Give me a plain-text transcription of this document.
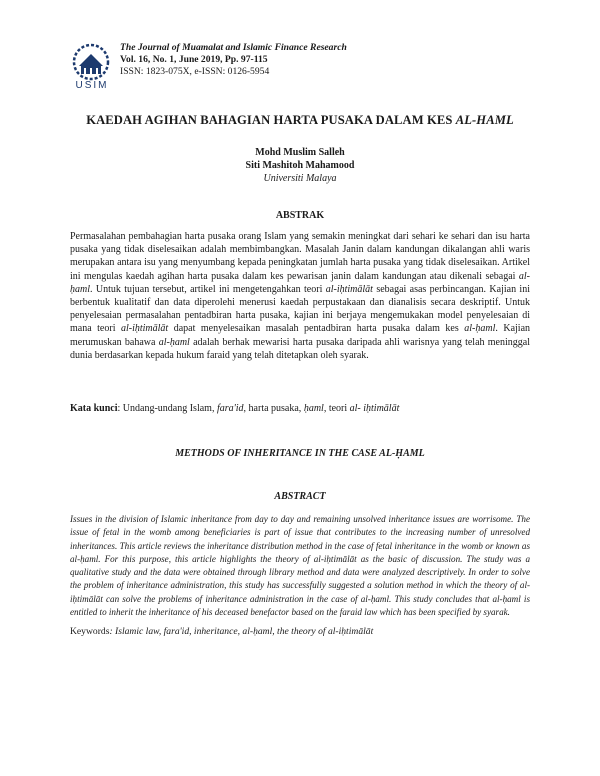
USIM
The Journal of Muamalat and Islamic Finance Research
Vol. 16, No. 1, June 2019, Pp. 97-115
ISSN: 1823-075X, e-ISSN: 0126-5954
KAEDAH AGIHAN BAHAGIAN HARTA PUSAKA DALAM KES AL-HAML
Mohd Muslim Salleh
Siti Mashitoh Mahamood
Universiti Malaya
ABSTRAK
Permasalahan pembahagian harta pusaka orang Islam yang semakin meningkat dari sehari ke sehari dan isu harta pusaka yang tidak diselesaikan adalah membimbangkan. Masalah Janin dalam kandungan dikalangan ahli waris merupakan antara isu yang menyumbang kepada peningkatan jumlah harta pusaka yang tidak diselesaikan. Artikel ini mengulas kaedah agihan harta pusaka dalam kes pewarisan janin dalam kandungan atau dikenali sebagai al-ḥaml. Untuk tujuan tersebut, artikel ini mengetengahkan teori al-iḥtimālāt sebagai asas perbincangan. Kajian ini berbentuk kualitatif dan data diperolehi menerusi kaedah perpustakaan dan dianalisis secara deskriptif. Untuk penyelesaian permasalahan pentadbiran harta pusaka, kajian ini berjaya mengemukakan model penyelesaian di mana teori al-iḥtimālāt dapat menyelesaikan masalah pentadbiran harta pusaka dalam kes al-ḥaml. Kajian merumuskan bahawa al-ḥaml adalah berhak mewarisi harta pusaka daripada ahli warisnya yang telah meninggal dunia berdasarkan kepada hukum faraid yang telah ditetapkan oleh syarak.
Kata kunci: Undang-undang Islam, fara'id, harta pusaka, ḥaml, teori al- iḥtimālāt
METHODS OF INHERITANCE IN THE CASE AL-ḤAML
ABSTRACT
Issues in the division of Islamic inheritance from day to day and remaining unsolved inheritance issues are worrisome. The issue of fetal in the womb among beneficiaries is part of issue that contributes to the increasing number of unresolved inheritances. This article reviews the inheritance distribution method in the case of fetal inheritance in the womb or known as al-ḥaml. For this purpose, this article highlights the theory of al-iḥtimālāt as the basic of discussion. The study was a qualitative study and the data were obtained through library method and data were analyzed descriptively. In order to solve the problem of inheritance administration, this study has successfully suggested a solution method in which the theory of al-iḥtimālāt can solve the problems of inheritance administration in the case of al-ḥaml. This study concludes that al-ḥaml is entitled to inherit the inheritance of his deceased benefactor based on the faraid law which has been specified by syarak.
Keywords: Islamic law, fara'id, inheritance, al-ḥaml, the theory of al-iḥtimālāt
